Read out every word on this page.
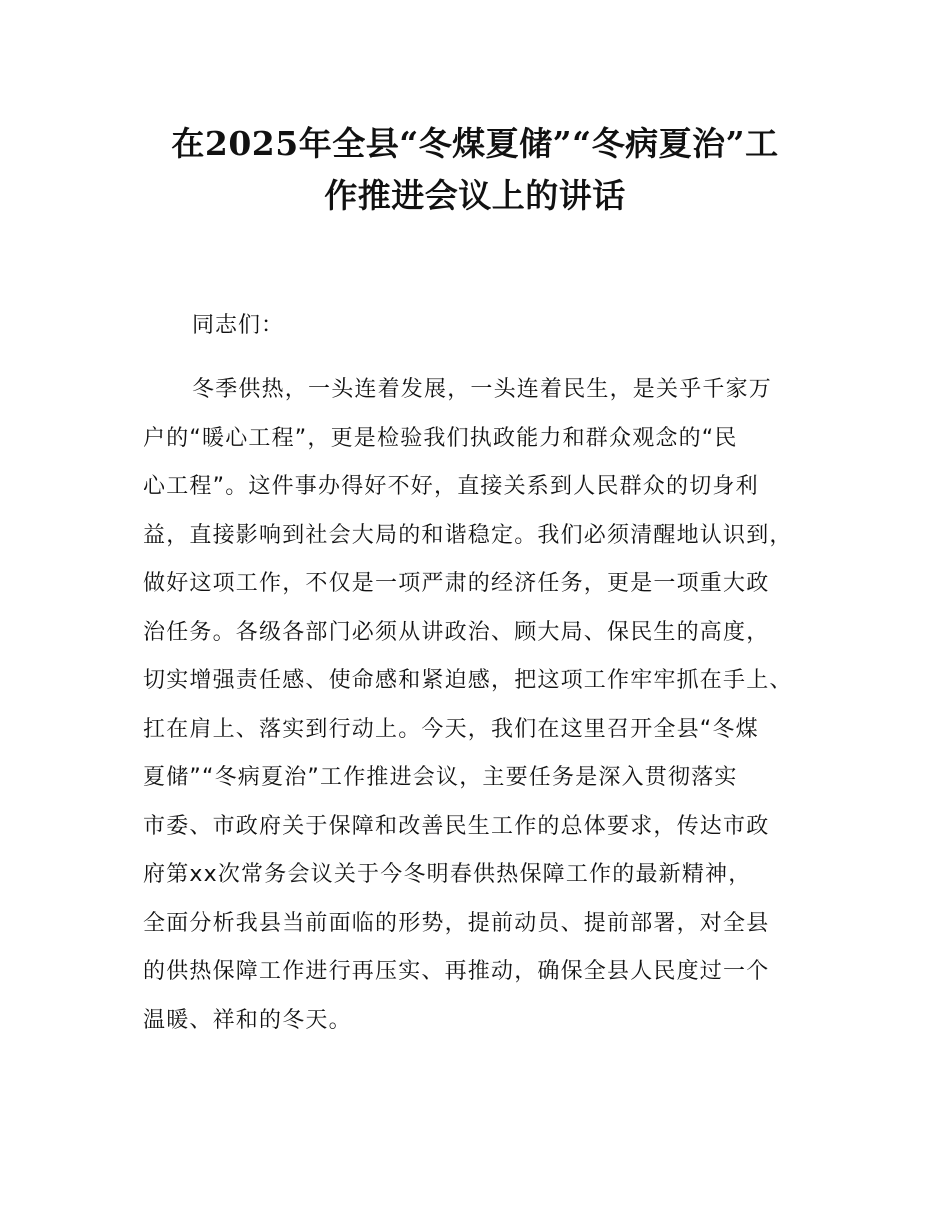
在2025年全县“冬煤夏储”“冬病夏治”工
作推进会议上的讲话

同志们：

冬季供热，一头连着发展，一头连着民生，是关乎千家万
户的“暖心工程”，更是检验我们执政能力和群众观念的“民
心工程”。这件事办得好不好，直接关系到人民群众的切身利
益，直接影响到社会大局的和谐稳定。我们必须清醒地认识到，
做好这项工作，不仅是一项严肃的经济任务，更是一项重大政
治任务。各级各部门必须从讲政治、顾大局、保民生的高度，
切实增强责任感、使命感和紧迫感，把这项工作牢牢抓在手上、
扛在肩上、落实到行动上。今天，我们在这里召开全县“冬煤
夏储”“冬病夏治”工作推进会议，主要任务是深入贯彻落实
市委、市政府关于保障和改善民生工作的总体要求，传达市政
府第xx次常务会议关于今冬明春供热保障工作的最新精神，
全面分析我县当前面临的形势，提前动员、提前部署，对全县
的供热保障工作进行再压实、再推动，确保全县人民度过一个
温暖、祥和的冬天。
